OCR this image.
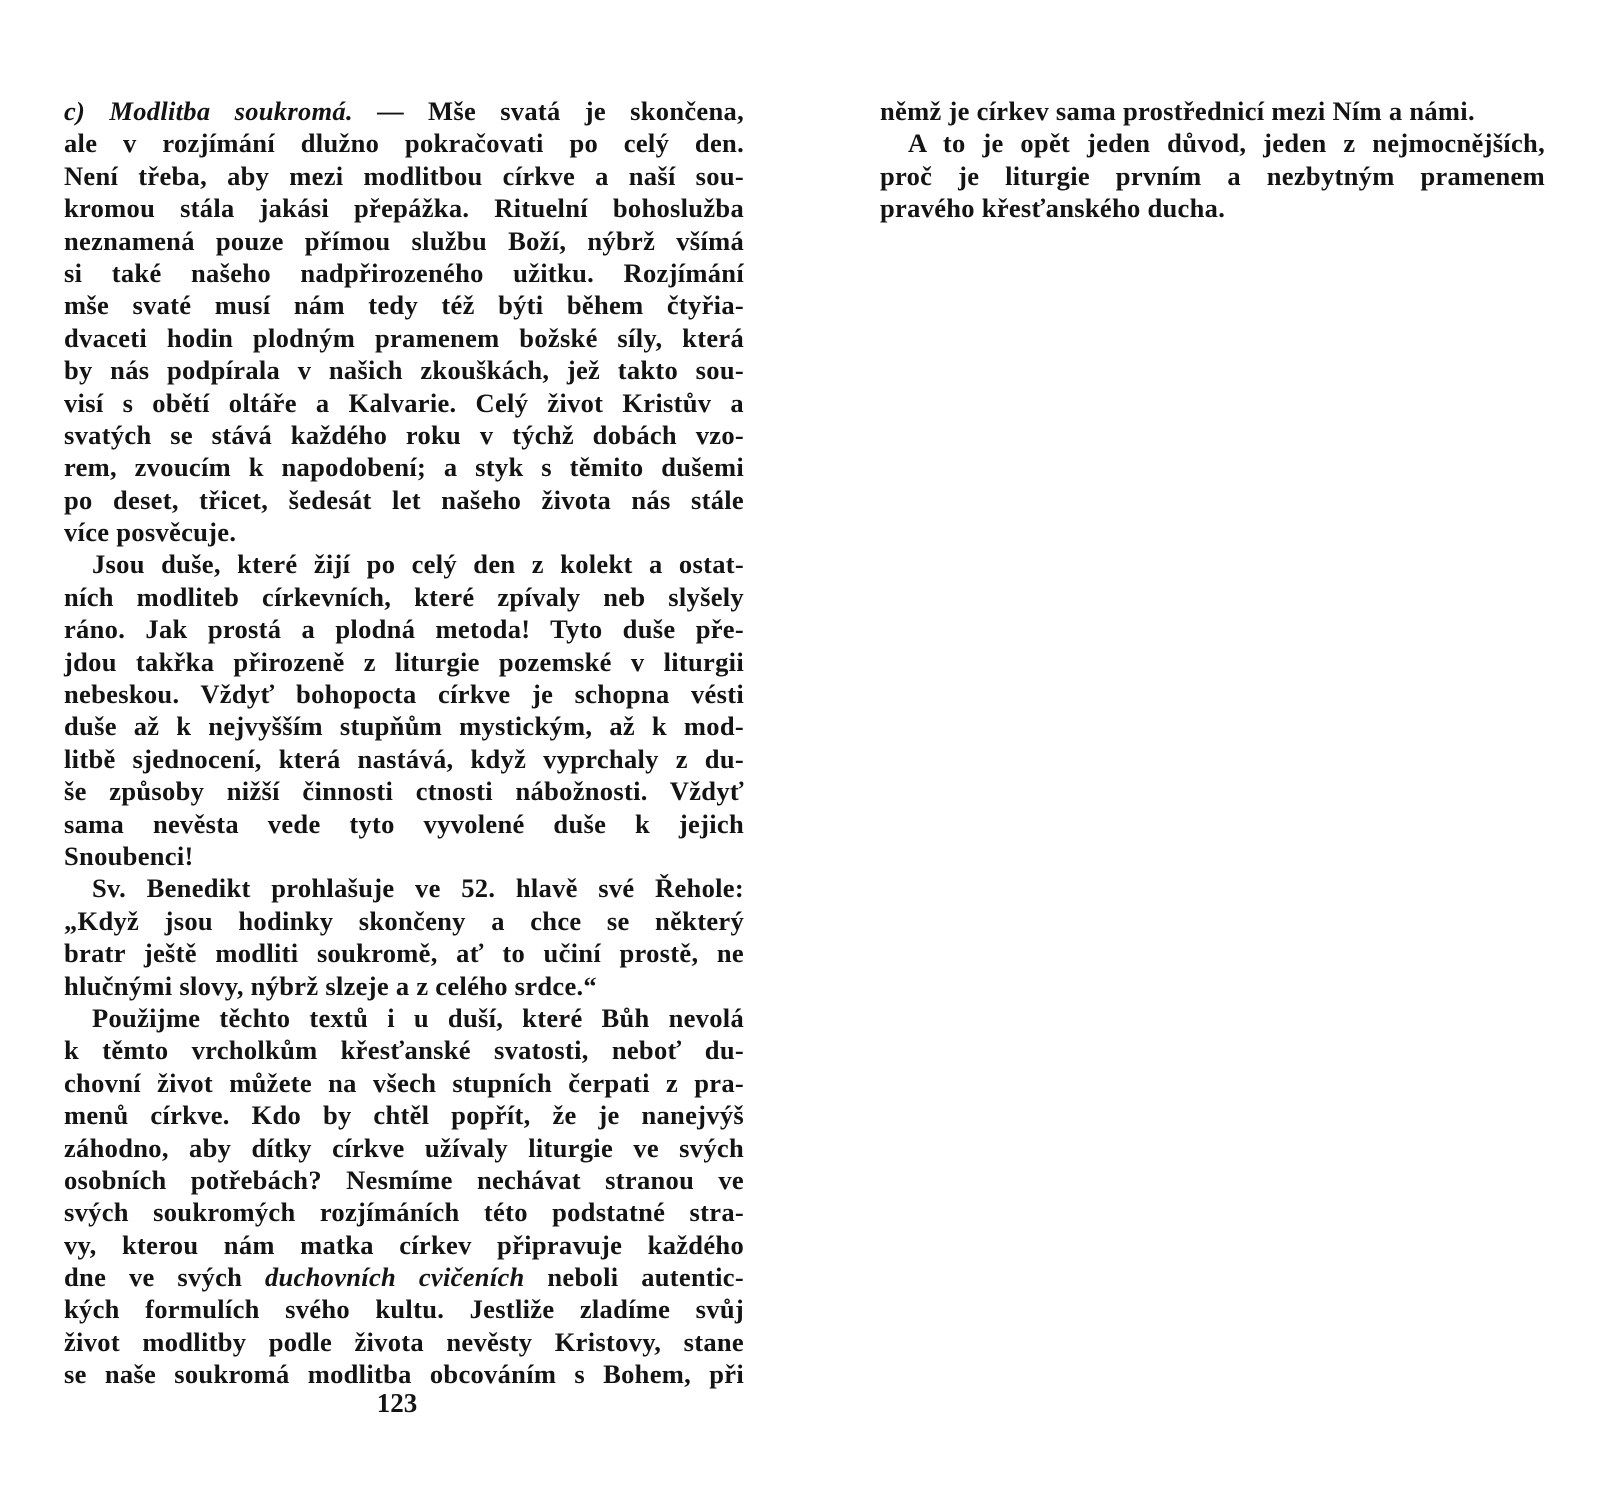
c) Modlitba soukromá. — Mše svatá je skončena,
ale v rozjímání dlužno pokračovati po celý den.
Není třeba, aby mezi modlitbou církve a naší sou-
kromou stála jakási přepážka. Rituelní bohoslužba
neznamená pouze přímou službu Boží, nýbrž všímá
si také našeho nadpřirozeného užitku. Rozjímání
mše svaté musí nám tedy též býti během čtyřia-
dvaceti hodin plodným pramenem božské síly, která
by nás podpírala v našich zkouškách, jež takto sou-
visí s obětí oltáře a Kalvarie. Celý život Kristův a
svatých se stává každého roku v týchž dobách vzo-
rem, zvoucím k napodobení; a styk s těmito dušemi
po deset, třicet, šedesát let našeho života nás stále
více posvěcuje.
Jsou duše, které žijí po celý den z kolekt a ostat-
ních modliteb církevních, které zpívaly neb slyšely
ráno. Jak prostá a plodná metoda! Tyto duše pře-
jdou takřka přirozeně z liturgie pozemské v liturgii
nebeskou. Vždyť bohopocta církve je schopna vésti
duše až k nejvyšším stupňům mystickým, až k mod-
litbě sjednocení, která nastává, když vyprchaly z du-
še způsoby nižší činnosti ctnosti nábožnosti. Vždyť
sama nevěsta vede tyto vyvolené duše k jejich
Snoubenci!
Sv. Benedikt prohlašuje ve 52. hlavě své Řehole:
„Když jsou hodinky skončeny a chce se některý
bratr ještě modliti soukromě, ať to učiní prostě, ne
hlučnými slovy, nýbrž slzeje a z celého srdce.“
Použijme těchto textů i u duší, které Bůh nevolá
k těmto vrcholkům křesťanské svatosti, neboť du-
chovní život můžete na všech stupních čerpati z pra-
menů církve. Kdo by chtěl popřít, že je nanejvýš
záhodno, aby dítky církve užívaly liturgie ve svých
osobních potřebách? Nesmíme nechávat stranou ve
svých soukromých rozjímáních této podstatné stra-
vy, kterou nám matka církev připravuje každého
dne ve svých duchovních cvičeních neboli autentic-
kých formulích svého kultu. Jestliže zladíme svůj
život modlitby podle života nevěsty Kristovy, stane
se naše soukromá modlitba obcováním s Bohem, při
123
němž je církev sama prostřednicí mezi Ním a námi.
A to je opět jeden důvod, jeden z nejmocnějších,
proč je liturgie prvním a nezbytným pramenem
pravého křesťanského ducha.
